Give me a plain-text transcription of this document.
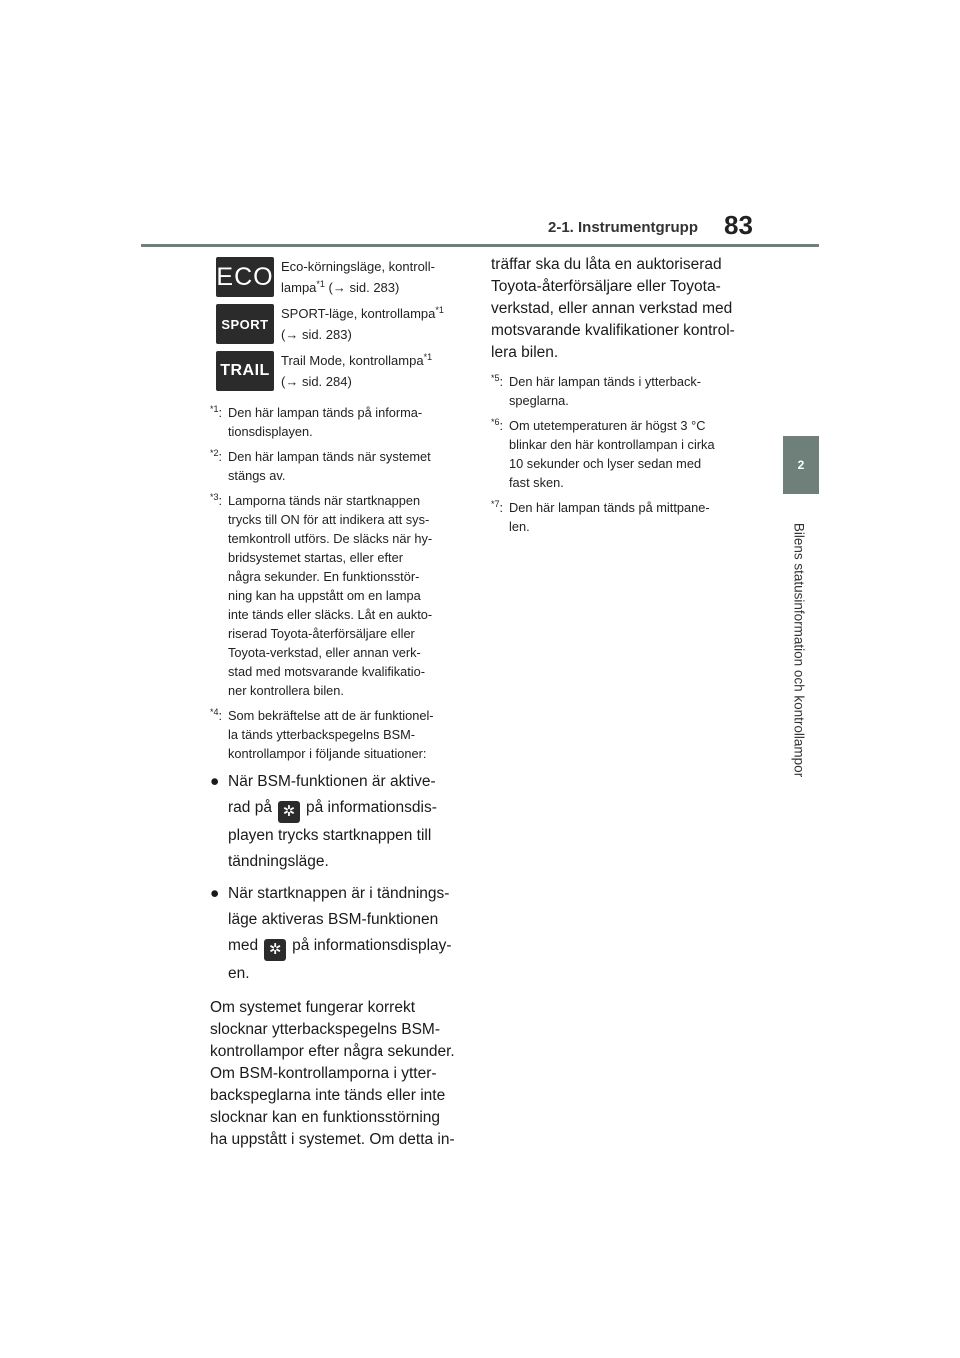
2-1. Instrumentgrupp 83
2
Bilens statusinformation och kontrollampor
ECO Eco-körningsläge, kontroll-
lampa$^{*1}$ (→ sid. 283)
SPORT
SPORT-läge, kontrollampa$^{*1}$
(→ sid. 283)
TRAIL
Trail Mode, kontrollampa$^{*1}$
(→ sid. 284)

$^{*1}$: Den här lampan tänds på informa-
tionsdisplayen.

$^{*2}$: Den här lampan tänds när systemet
stängs av.

$^{*3}$: Lamporna tänds när startknappen
trycks till ON för att indikera att sys-
temkontroll utförs. De släcks när hy-
bridsystemet startas, eller efter
några sekunder. En funktionsstör-
ning kan ha uppstått om en lampa
inte tänds eller släcks. Låt en aukto-
riserad Toyota-återförsäljare eller
Toyota-verkstad, eller annan verk-
stad med motsvarande kvalifikatio-
ner kontrollera bilen.

$^{*4}$: Som bekräftelse att de är funktionel-
la tänds ytterbackspegelns BSM-
kontrollampor i följande situationer:

● När BSM-funktionen är aktive-
rad på ✲ på informationsdis-
playen trycks startknappen till
tändningsläge.
● När startknappen är i tändnings-
läge aktiveras BSM-funktionen
med ✲ på informationsdisplay-
en.

Om systemet fungerar korrekt
slocknar ytterbackspegelns BSM-
kontrollampor efter några sekunder.
Om BSM-kontrollamporna i ytter-
backspeglarna inte tänds eller inte
slocknar kan en funktionsstörning
ha uppstått i systemet. Om detta in-

träffar ska du låta en auktoriserad
Toyota-återförsäljare eller Toyota-
verkstad, eller annan verkstad med
motsvarande kvalifikationer kontrol-
lera bilen.

$^{*5}$: Den här lampan tänds i ytterback-
speglarna.

$^{*6}$: Om utetemperaturen är högst 3 °C
blinkar den här kontrollampan i cirka
10 sekunder och lyser sedan med
fast sken.

$^{*7}$: Den här lampan tänds på mittpane-
len.
